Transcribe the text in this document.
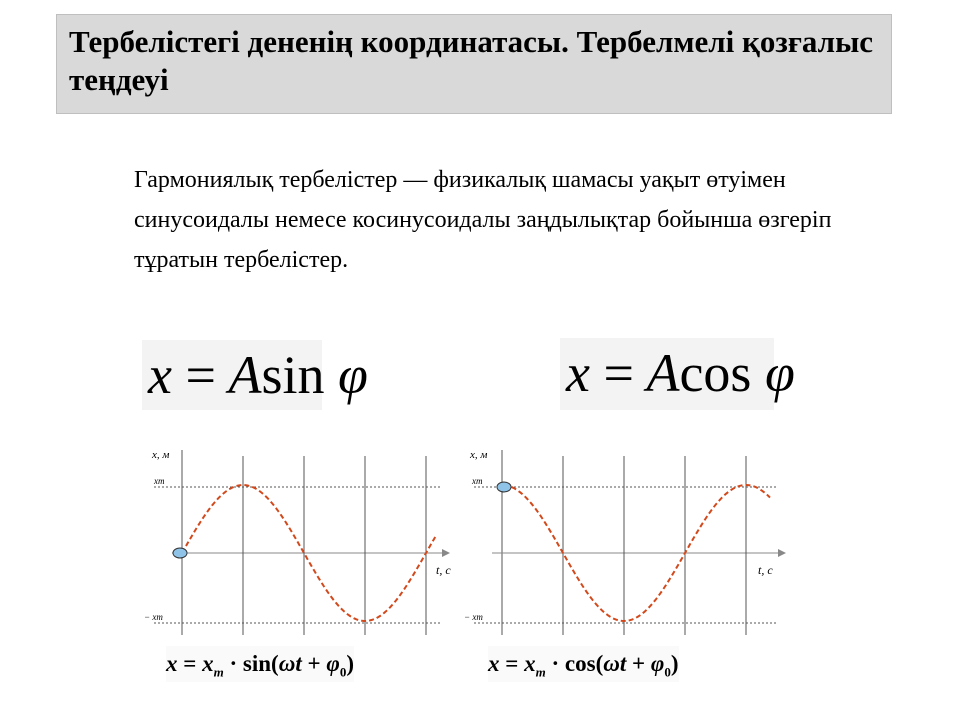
Тербелістегі дененің координатасы. Тербелмелі қозғалыс теңдеуі

Гармониялық тербелістер — физикалық шамасы уақыт өтуімен синусоидалы немесе косинусоидалы заңдылықтар бойынша өзгеріп тұратын тербелістер.

x = Asin φ	x = Acos φ
x, м
t, c
xm
− xm
x, м
t, c
xm
− xm
$x = x_m \cdot \sin(\omega t + \varphi_0)$	$x = x_m \cdot \cos(\omega t + \varphi_0)$
